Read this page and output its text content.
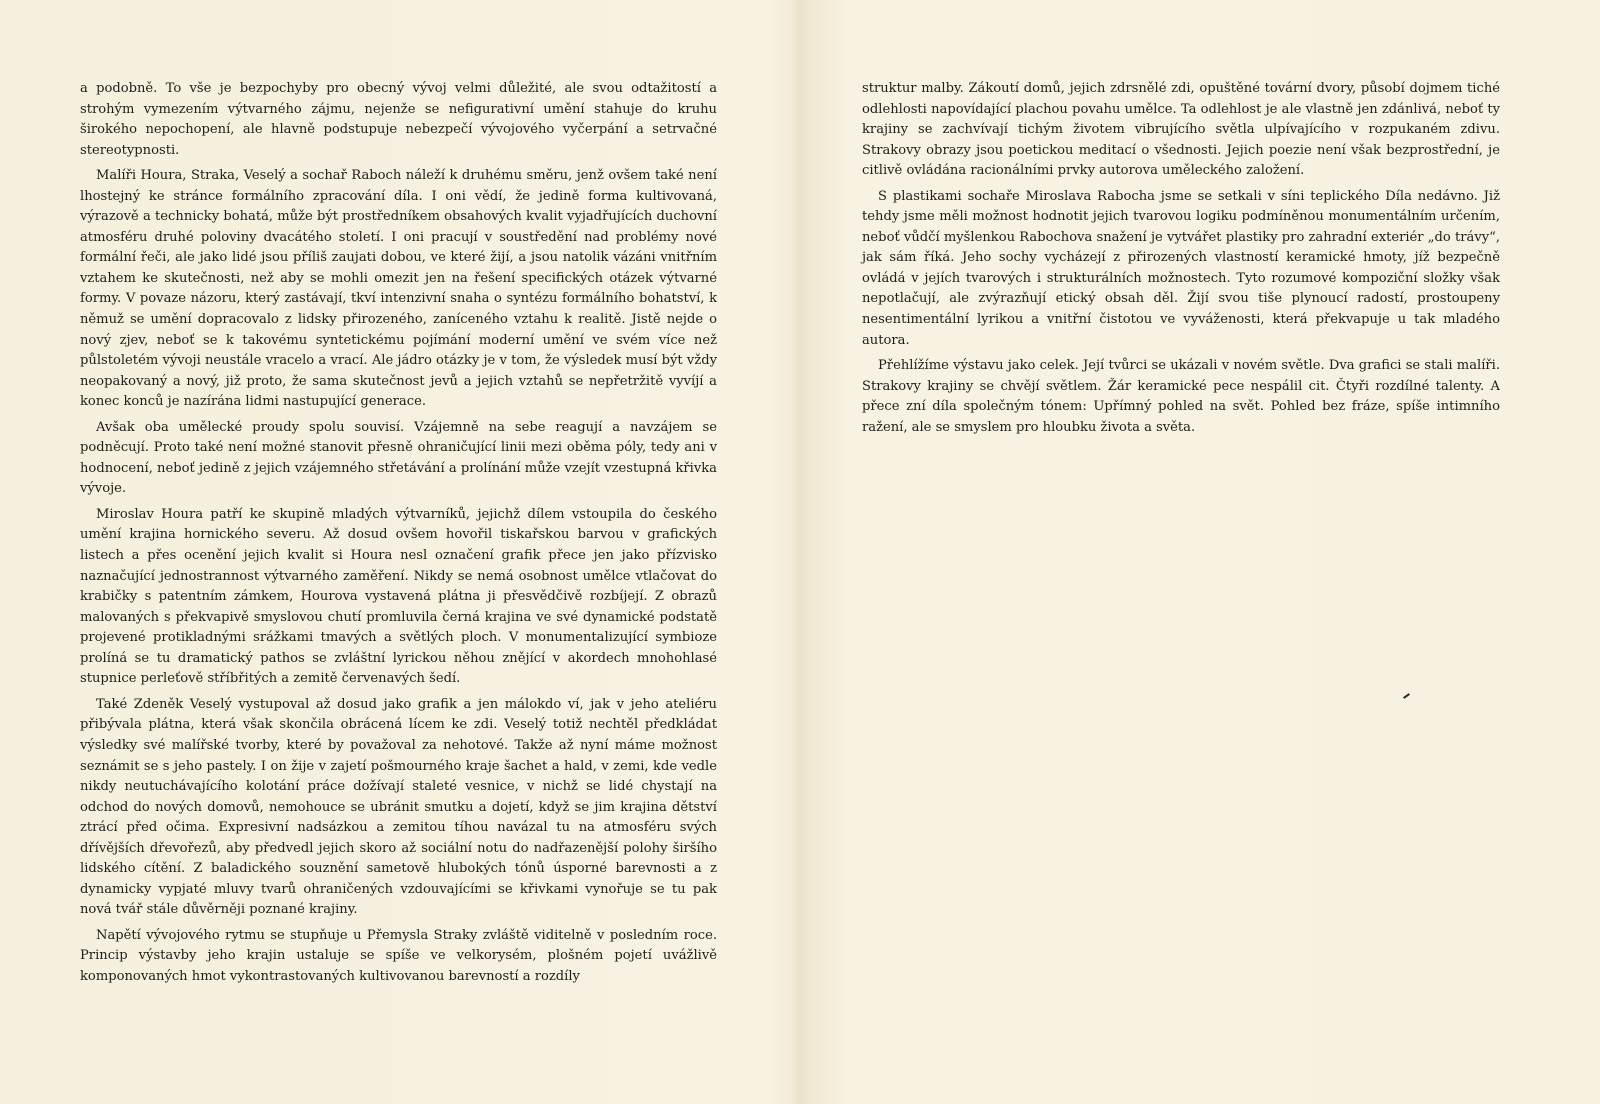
a podobně. To vše je bezpochyby pro obecný vývoj velmi důležité, ale svou odtažitostí a strohým vymezením výtvarného zájmu, nejenže se nefigurativní umění stahuje do kruhu širokého nepochopení, ale hlavně podstupuje nebezpečí vývojového vyčerpání a setrvačné stereotypnosti.

Malíři Houra, Straka, Veselý a sochař Raboch náleží k druhému směru, jenž ovšem také není lhostejný ke stránce formálního zpracování díla. I oni vědí, že jedině forma kultivovaná, výrazově a technicky bohatá, může být prostředníkem obsahových kvalit vyjadřujících duchovní atmosféru druhé poloviny dvacátého století. I oni pracují v soustředění nad problémy nové formální řeči, ale jako lidé jsou příliš zaujati dobou, ve které žijí, a jsou natolik vázáni vnitřním vztahem ke skutečnosti, než aby se mohli omezit jen na řešení specifických otázek výtvarné formy. V povaze názoru, který zastávají, tkví intenzivní snaha o syntézu formálního bohatství, k němuž se umění dopracovalo z lidsky přirozeného, zaníceného vztahu k realitě. Jistě nejde o nový zjev, neboť se k takovému syntetickému pojímání moderní umění ve svém více než půlstoletém vývoji neustále vracelo a vrací. Ale jádro otázky je v tom, že výsledek musí být vždy neopakovaný a nový, již proto, že sama skutečnost jevů a jejich vztahů se nepřetržitě vyvíjí a konec konců je nazírána lidmi nastupující generace.

Avšak oba umělecké proudy spolu souvisí. Vzájemně na sebe reagují a navzájem se podněcují. Proto také není možné stanovit přesně ohraničující linii mezi oběma póly, tedy ani v hodnocení, neboť jedině z jejich vzájemného střetávání a prolínání může vzejít vzestupná křivka vývoje.

Miroslav Houra patří ke skupině mladých výtvarníků, jejichž dílem vstoupila do českého umění krajina hornického severu. Až dosud ovšem hovořil tiskařskou barvou v grafických listech a přes ocenění jejich kvalit si Houra nesl označení grafik přece jen jako přízvisko naznačující jednostrannost výtvarného zaměření. Nikdy se nemá osobnost umělce vtlačovat do krabičky s patentním zámkem, Hourova vystavená plátna ji přesvědčivě rozbíjejí. Z obrazů malovaných s překvapivě smyslovou chutí promluvila černá krajina ve své dynamické podstatě projevené protikladnými srážkami tmavých a světlých ploch. V monumentalizující symbioze prolíná se tu dramatický pathos se zvláštní lyrickou něhou znějící v akordech mnohohlasé stupnice perleťově stříbřitých a zemitě červenavých šedí.

Také Zdeněk Veselý vystupoval až dosud jako grafik a jen málokdo ví, jak v jeho ateliéru přibývala plátna, která však skončila obrácená lícem ke zdi. Veselý totiž nechtěl předkládat výsledky své malířské tvorby, které by považoval za nehotové. Takže až nyní máme možnost seznámit se s jeho pastely. I on žije v zajetí pošmourného kraje šachet a hald, v zemi, kde vedle nikdy neutuchávajícího kolotání práce dožívají staleté vesnice, v nichž se lidé chystají na odchod do nových domovů, nemohouce se ubránit smutku a dojetí, když se jim krajina dětství ztrácí před očima. Expresivní nadsázkou a zemitou tíhou navázal tu na atmosféru svých dřívějších dřevořezů, aby předvedl jejich skoro až sociální notu do nadřazenější polohy širšího lidského cítění. Z baladického souznění sametově hlubokých tónů úsporné barevnosti a z dynamicky vypjaté mluvy tvarů ohraničených vzdouvajícími se křivkami vynořuje se tu pak nová tvář stále důvěrněji poznané krajiny.

Napětí vývojového rytmu se stupňuje u Přemysla Straky zvláště viditelně v posledním roce. Princip výstavby jeho krajin ustaluje se spíše ve velkorysém, plošném pojetí uvážlivě komponovaných hmot vykontrastovaných kultivovanou barevností a rozdíly

struktur malby. Zákoutí domů, jejich zdrsnělé zdi, opuštěné tovární dvory, působí dojmem tiché odlehlosti napovídající plachou povahu umělce. Ta odlehlost je ale vlastně jen zdánlivá, neboť ty krajiny se zachvívají tichým životem vibrujícího světla ulpívajícího v rozpukaném zdivu. Strakovy obrazy jsou poetickou meditací o všednosti. Jejich poezie není však bezprostřední, je citlivě ovládána racionálními prvky autorova uměleckého založení.

S plastikami sochaře Miroslava Rabocha jsme se setkali v síni teplického Díla nedávno. Již tehdy jsme měli možnost hodnotit jejich tvarovou logiku podmíněnou monumentálním určením, neboť vůdčí myšlenkou Rabochova snažení je vytvářet plastiky pro zahradní exteriér „do trávy“, jak sám říká. Jeho sochy vycházejí z přirozených vlastností keramické hmoty, jíž bezpečně ovládá v jejích tvarových i strukturálních možnostech. Tyto rozumové kompoziční složky však nepotlačují, ale zvýrazňují etický obsah děl. Žijí svou tiše plynoucí radostí, prostoupeny nesentimentální lyrikou a vnitřní čistotou ve vyváženosti, která překvapuje u tak mladého autora.

Přehlížíme výstavu jako celek. Její tvůrci se ukázali v novém světle. Dva grafici se stali malíři. Strakovy krajiny se chvějí světlem. Žár keramické pece nespálil cit. Čtyři rozdílné talenty. A přece zní díla společným tónem: Upřímný pohled na svět. Pohled bez fráze, spíše intimního ražení, ale se smyslem pro hloubku života a světa.
